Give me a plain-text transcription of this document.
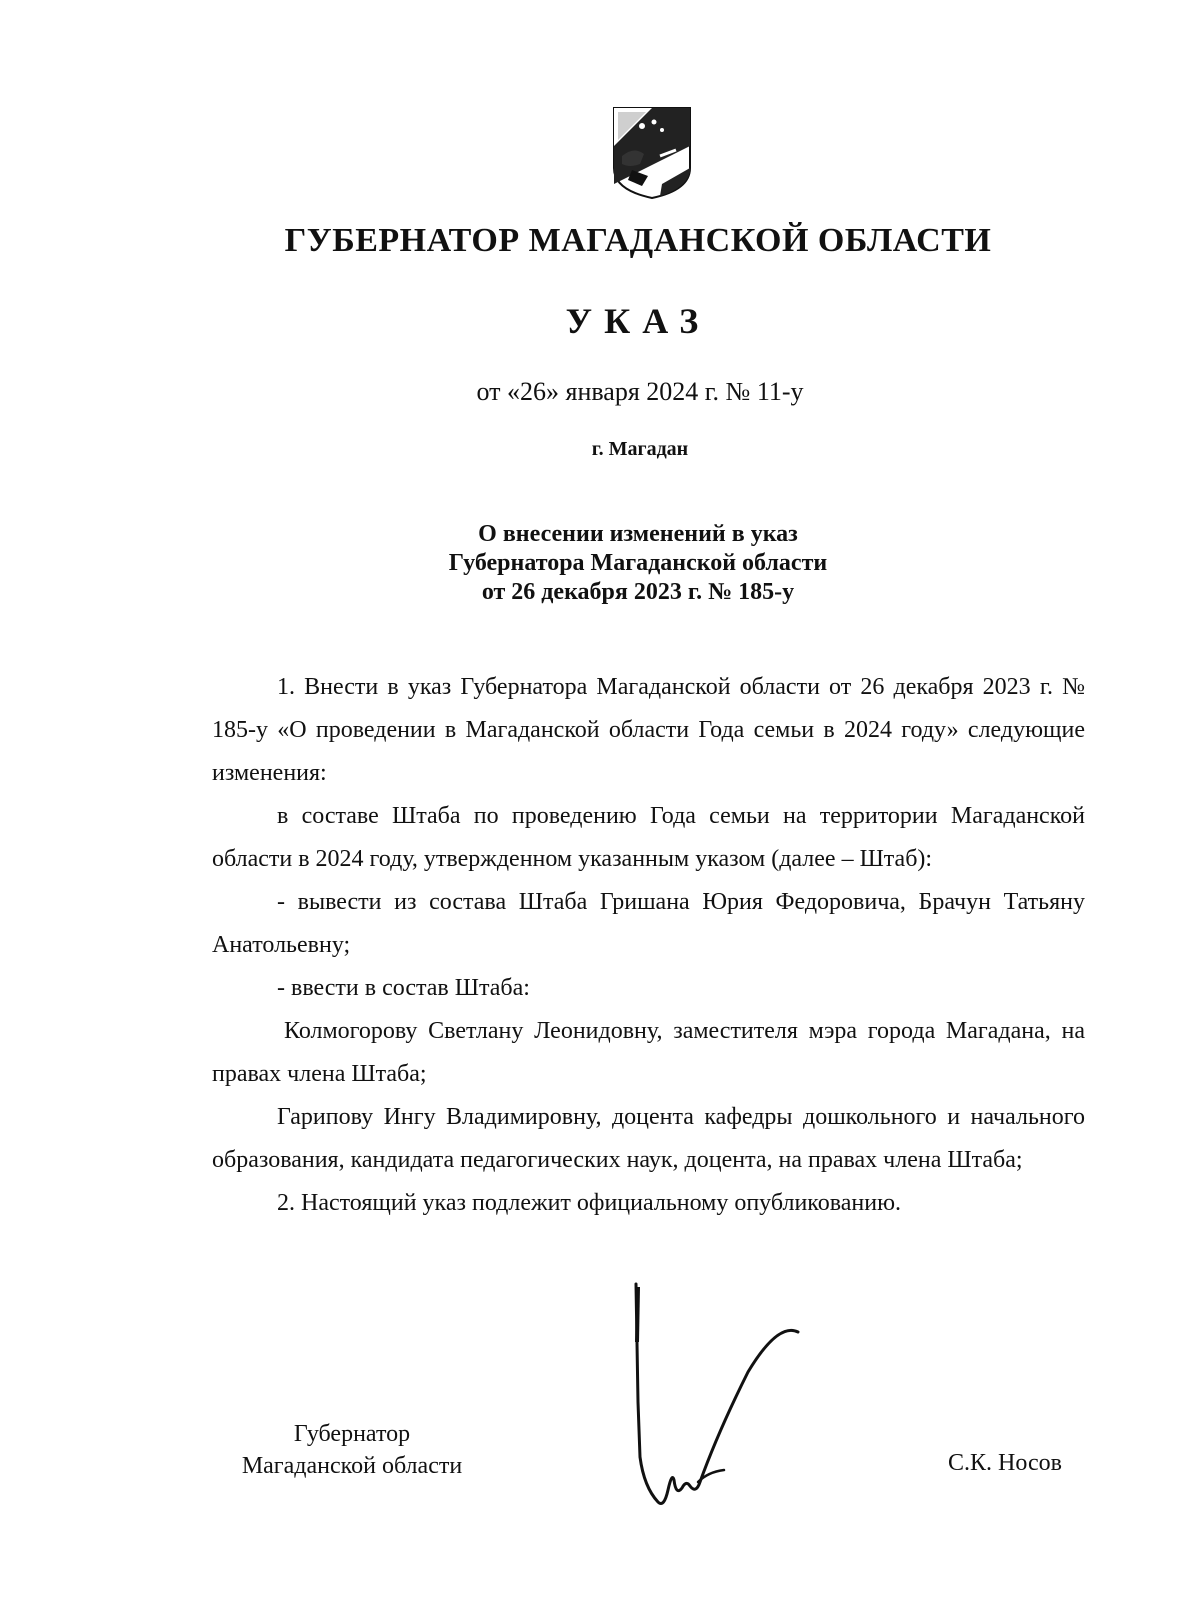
ГУБЕРНАТОР МАГАДАНСКОЙ ОБЛАСТИ
УКАЗ
от «26» января 2024 г. № 11-у
г. Магадан
О внесении изменений в указ
Губернатора Магаданской области
от 26 декабря 2023 г. № 185-у

1. Внести в указ Губернатора Магаданской области от 26 декабря 2023 г. № 185-у «О проведении в Магаданской области Года семьи в 2024 году» следующие изменения:

в составе Штаба по проведению Года семьи на территории Магаданской области в 2024 году, утвержденном указанным указом (далее – Штаб):

- вывести из состава Штаба Гришана Юрия Федоровича, Брачун Татьяну Анатольевну;

- ввести в состав Штаба:

Колмогорову Светлану Леонидовну, заместителя мэра города Магадана, на правах члена Штаба;

Гарипову Ингу Владимировну, доцента кафедры дошкольного и начального образования, кандидата педагогических наук, доцента, на правах члена Штаба;

2. Настоящий указ подлежит официальному опубликованию.

Губернатор
Магаданской области	С.К. Носов
